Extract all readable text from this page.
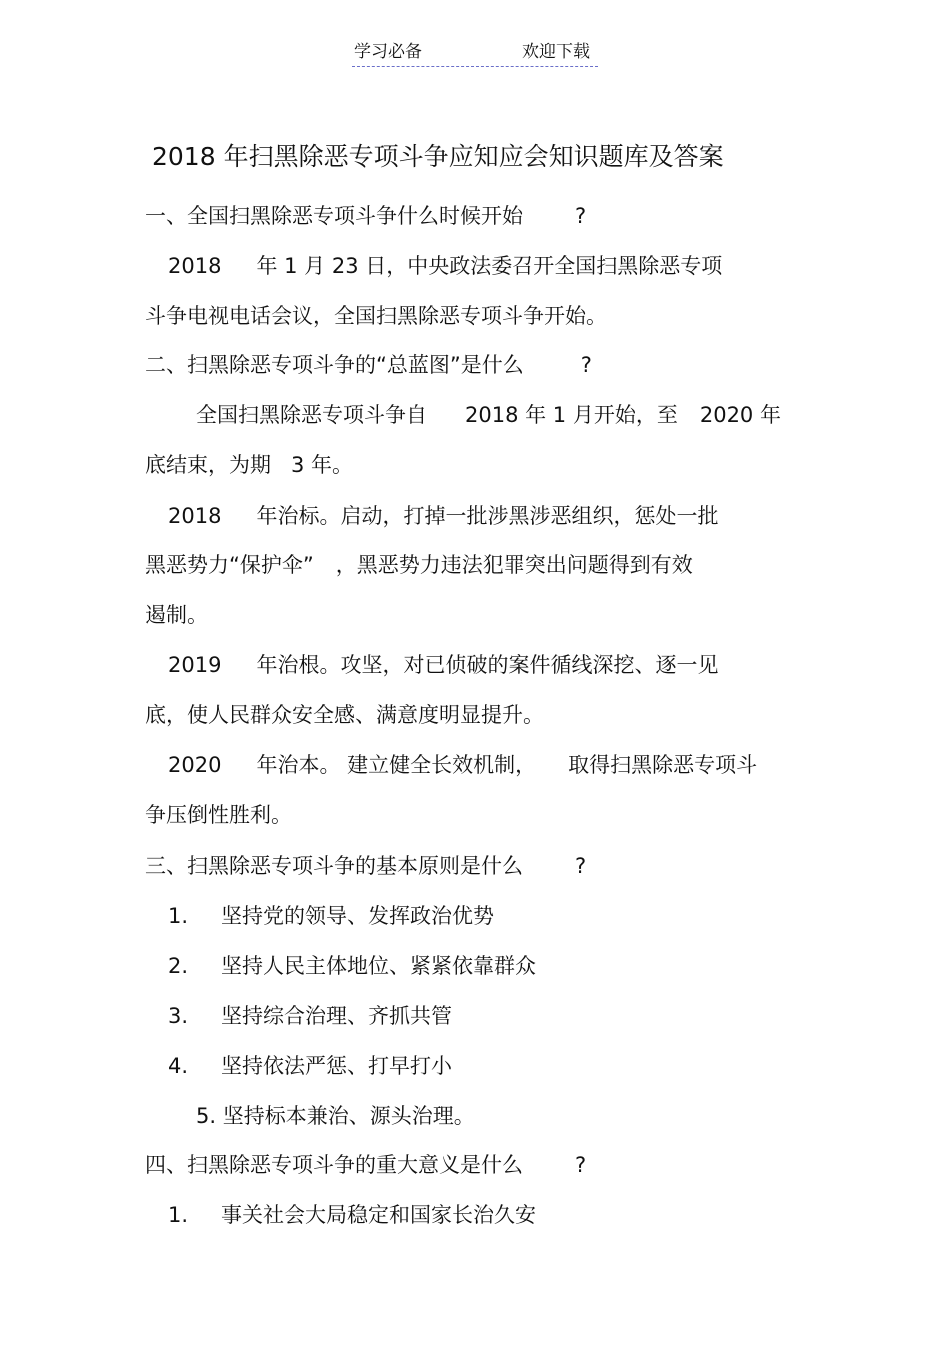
学习必备	欢迎下载
2018 年扫黑除恶专项斗争应知应会知识题库及答案
一、全国扫黑除恶专项斗争什么时候开始 ?
2018 年 1 月 23 日，中央政法委召开全国扫黑除恶专项
斗争电视电话会议，全国扫黑除恶专项斗争开始。
二、扫黑除恶专项斗争的“总蓝图”是什么	?
全国扫黑除恶专项斗争自 2018 年 1 月开始，至 2020 年
底结束，为期 3 年。
2018 年治标。启动，打掉一批涉黑涉恶组织，惩处一批
黑恶势力“保护伞” ，黑恶势力违法犯罪突出问题得到有效
遏制。
2019 年治根。攻坚，对已侦破的案件循线深挖、逐一见
底，使人民群众安全感、满意度明显提升。
2020 年治本。 建立健全长效机制， 取得扫黑除恶专项斗
争压倒性胜利。
三、扫黑除恶专项斗争的基本原则是什么 ?
1. 坚持党的领导、发挥政治优势
2. 坚持人民主体地位、紧紧依靠群众
3. 坚持综合治理、齐抓共管
4. 坚持依法严惩、打早打小
5. 坚持标本兼治、源头治理。
四、扫黑除恶专项斗争的重大意义是什么 ?
1. 事关社会大局稳定和国家长治久安
